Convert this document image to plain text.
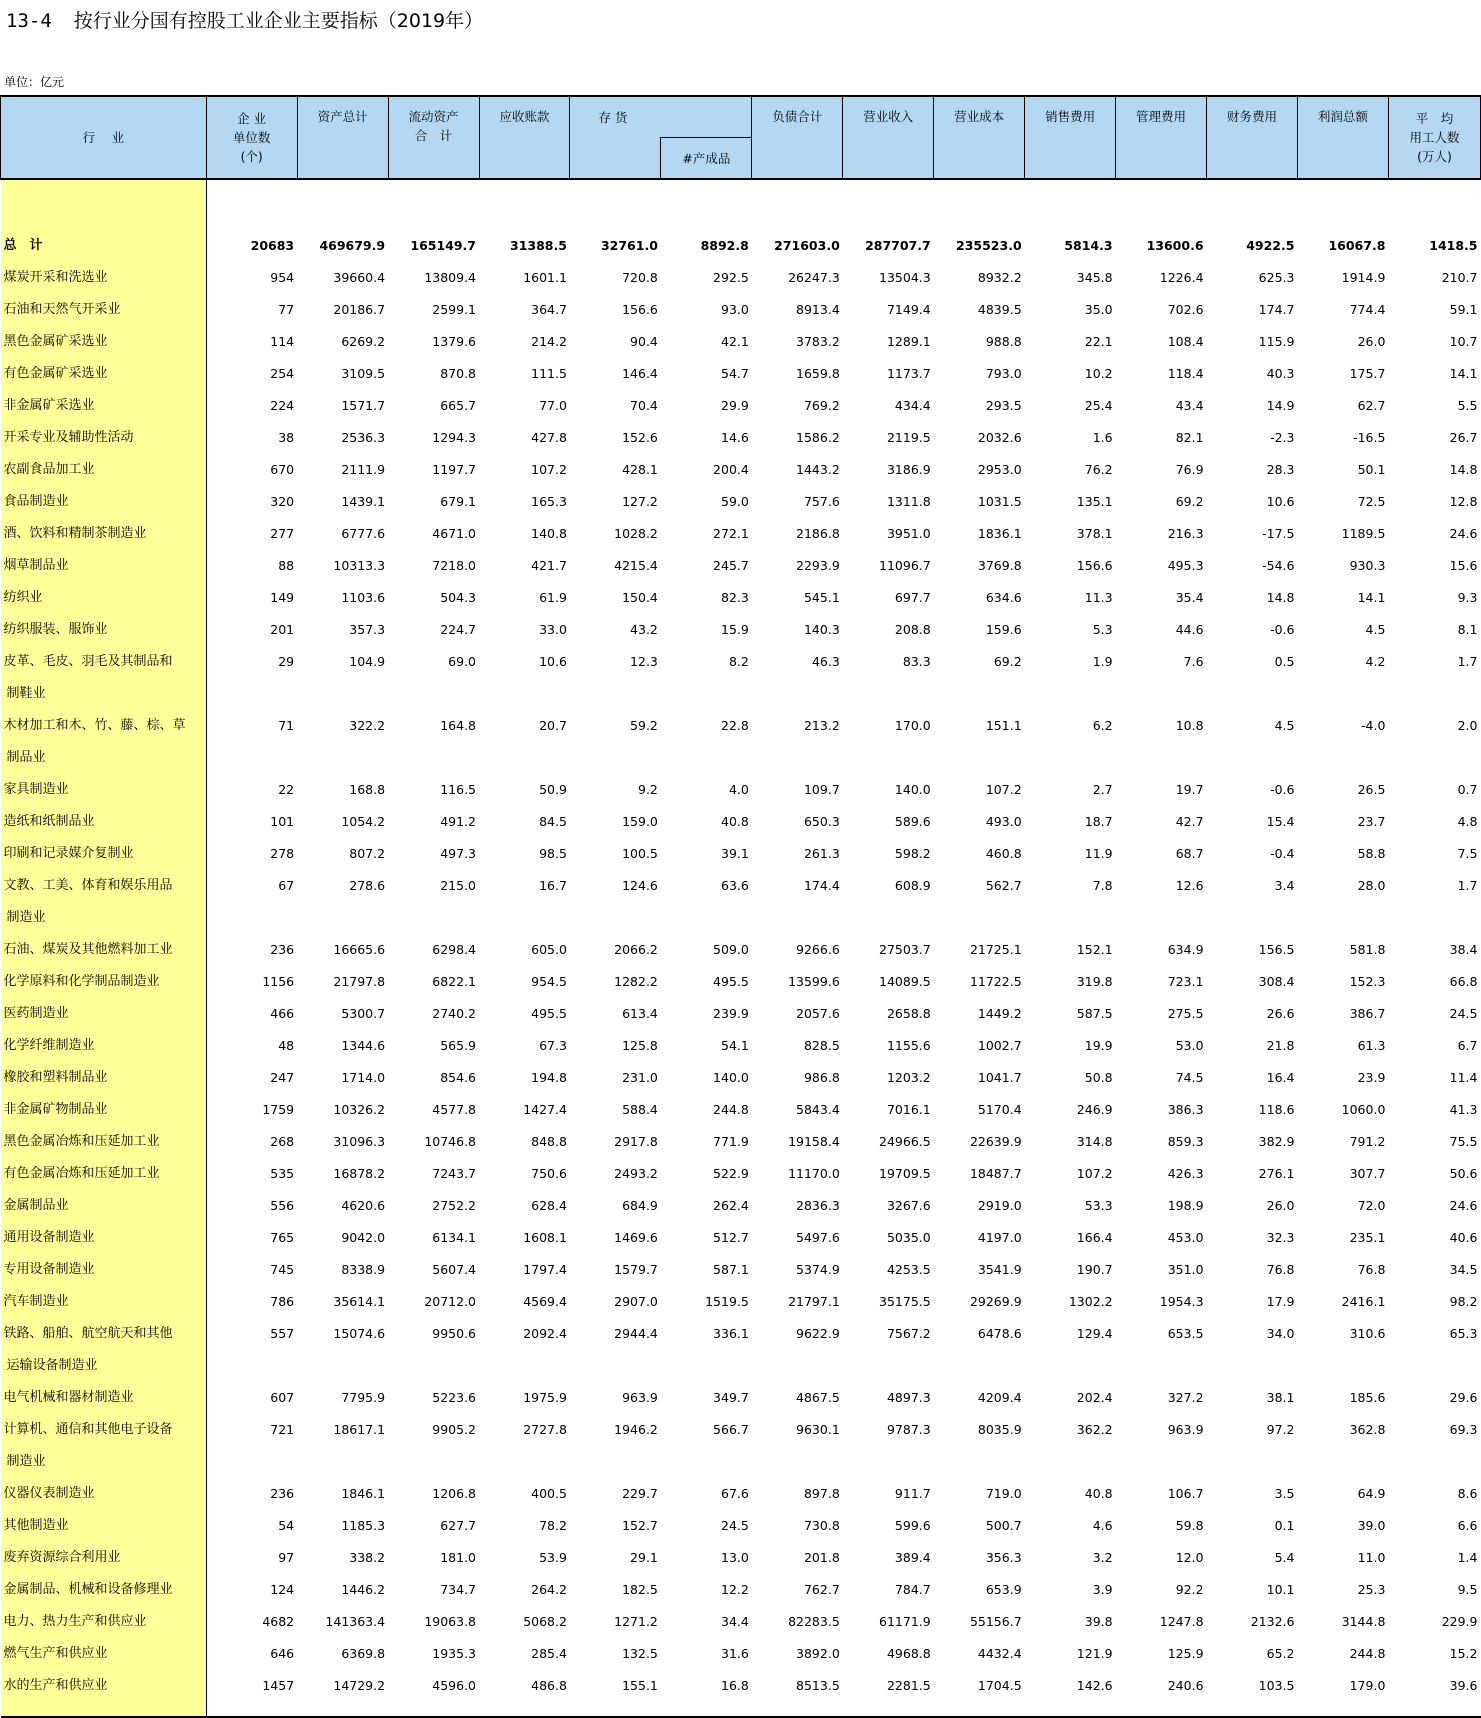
13-4 按行业分国有控股工业企业主要指标（2019年）
单位：亿元
行　 业	企 业
单位数
(个)	资产总计	流动资产
合　计	应收账款	存 货		负债合计	营业收入	营业成本	销售费用	管理费用	财务费用	利润总额	平　均
用工人数
(万人)
						#产成品								

总　计	20683	469679.9	165149.7	31388.5	32761.0	8892.8	271603.0	287707.7	235523.0	5814.3	13600.6	4922.5	16067.8	1418.5
煤炭开采和洗选业	954	39660.4	13809.4	1601.1	720.8	292.5	26247.3	13504.3	8932.2	345.8	1226.4	625.3	1914.9	210.7
石油和天然气开采业	77	20186.7	2599.1	364.7	156.6	93.0	8913.4	7149.4	4839.5	35.0	702.6	174.7	774.4	59.1
黑色金属矿采选业	114	6269.2	1379.6	214.2	90.4	42.1	3783.2	1289.1	988.8	22.1	108.4	115.9	26.0	10.7
有色金属矿采选业	254	3109.5	870.8	111.5	146.4	54.7	1659.8	1173.7	793.0	10.2	118.4	40.3	175.7	14.1
非金属矿采选业	224	1571.7	665.7	77.0	70.4	29.9	769.2	434.4	293.5	25.4	43.4	14.9	62.7	5.5
开采专业及辅助性活动	38	2536.3	1294.3	427.8	152.6	14.6	1586.2	2119.5	2032.6	1.6	82.1	-2.3	-16.5	26.7
农副食品加工业	670	2111.9	1197.7	107.2	428.1	200.4	1443.2	3186.9	2953.0	76.2	76.9	28.3	50.1	14.8
食品制造业	320	1439.1	679.1	165.3	127.2	59.0	757.6	1311.8	1031.5	135.1	69.2	10.6	72.5	12.8
酒、饮料和精制茶制造业	277	6777.6	4671.0	140.8	1028.2	272.1	2186.8	3951.0	1836.1	378.1	216.3	-17.5	1189.5	24.6
烟草制品业	88	10313.3	7218.0	421.7	4215.4	245.7	2293.9	11096.7	3769.8	156.6	495.3	-54.6	930.3	15.6
纺织业	149	1103.6	504.3	61.9	150.4	82.3	545.1	697.7	634.6	11.3	35.4	14.8	14.1	9.3
纺织服装、服饰业	201	357.3	224.7	33.0	43.2	15.9	140.3	208.8	159.6	5.3	44.6	-0.6	4.5	8.1
皮革、毛皮、羽毛及其制品和
制鞋业	29	104.9	69.0	10.6	12.3	8.2	46.3	83.3	69.2	1.9	7.6	0.5	4.2	1.7
木材加工和木、竹、藤、棕、草
制品业	71	322.2	164.8	20.7	59.2	22.8	213.2	170.0	151.1	6.2	10.8	4.5	-4.0	2.0
家具制造业	22	168.8	116.5	50.9	9.2	4.0	109.7	140.0	107.2	2.7	19.7	-0.6	26.5	0.7
造纸和纸制品业	101	1054.2	491.2	84.5	159.0	40.8	650.3	589.6	493.0	18.7	42.7	15.4	23.7	4.8
印刷和记录媒介复制业	278	807.2	497.3	98.5	100.5	39.1	261.3	598.2	460.8	11.9	68.7	-0.4	58.8	7.5
文教、工美、体育和娱乐用品
制造业	67	278.6	215.0	16.7	124.6	63.6	174.4	608.9	562.7	7.8	12.6	3.4	28.0	1.7
石油、煤炭及其他燃料加工业	236	16665.6	6298.4	605.0	2066.2	509.0	9266.6	27503.7	21725.1	152.1	634.9	156.5	581.8	38.4
化学原料和化学制品制造业	1156	21797.8	6822.1	954.5	1282.2	495.5	13599.6	14089.5	11722.5	319.8	723.1	308.4	152.3	66.8
医药制造业	466	5300.7	2740.2	495.5	613.4	239.9	2057.6	2658.8	1449.2	587.5	275.5	26.6	386.7	24.5
化学纤维制造业	48	1344.6	565.9	67.3	125.8	54.1	828.5	1155.6	1002.7	19.9	53.0	21.8	61.3	6.7
橡胶和塑料制品业	247	1714.0	854.6	194.8	231.0	140.0	986.8	1203.2	1041.7	50.8	74.5	16.4	23.9	11.4
非金属矿物制品业	1759	10326.2	4577.8	1427.4	588.4	244.8	5843.4	7016.1	5170.4	246.9	386.3	118.6	1060.0	41.3
黑色金属冶炼和压延加工业	268	31096.3	10746.8	848.8	2917.8	771.9	19158.4	24966.5	22639.9	314.8	859.3	382.9	791.2	75.5
有色金属冶炼和压延加工业	535	16878.2	7243.7	750.6	2493.2	522.9	11170.0	19709.5	18487.7	107.2	426.3	276.1	307.7	50.6
金属制品业	556	4620.6	2752.2	628.4	684.9	262.4	2836.3	3267.6	2919.0	53.3	198.9	26.0	72.0	24.6
通用设备制造业	765	9042.0	6134.1	1608.1	1469.6	512.7	5497.6	5035.0	4197.0	166.4	453.0	32.3	235.1	40.6
专用设备制造业	745	8338.9	5607.4	1797.4	1579.7	587.1	5374.9	4253.5	3541.9	190.7	351.0	76.8	76.8	34.5
汽车制造业	786	35614.1	20712.0	4569.4	2907.0	1519.5	21797.1	35175.5	29269.9	1302.2	1954.3	17.9	2416.1	98.2
铁路、船舶、航空航天和其他
运输设备制造业	557	15074.6	9950.6	2092.4	2944.4	336.1	9622.9	7567.2	6478.6	129.4	653.5	34.0	310.6	65.3
电气机械和器材制造业	607	7795.9	5223.6	1975.9	963.9	349.7	4867.5	4897.3	4209.4	202.4	327.2	38.1	185.6	29.6
计算机、通信和其他电子设备
制造业	721	18617.1	9905.2	2727.8	1946.2	566.7	9630.1	9787.3	8035.9	362.2	963.9	97.2	362.8	69.3
仪器仪表制造业	236	1846.1	1206.8	400.5	229.7	67.6	897.8	911.7	719.0	40.8	106.7	3.5	64.9	8.6
其他制造业	54	1185.3	627.7	78.2	152.7	24.5	730.8	599.6	500.7	4.6	59.8	0.1	39.0	6.6
废弃资源综合利用业	97	338.2	181.0	53.9	29.1	13.0	201.8	389.4	356.3	3.2	12.0	5.4	11.0	1.4
金属制品、机械和设备修理业	124	1446.2	734.7	264.2	182.5	12.2	762.7	784.7	653.9	3.9	92.2	10.1	25.3	9.5
电力、热力生产和供应业	4682	141363.4	19063.8	5068.2	1271.2	34.4	82283.5	61171.9	55156.7	39.8	1247.8	2132.6	3144.8	229.9
燃气生产和供应业	646	6369.8	1935.3	285.4	132.5	31.6	3892.0	4968.8	4432.4	121.9	125.9	65.2	244.8	15.2
水的生产和供应业	1457	14729.2	4596.0	486.8	155.1	16.8	8513.5	2281.5	1704.5	142.6	240.6	103.5	179.0	39.6
